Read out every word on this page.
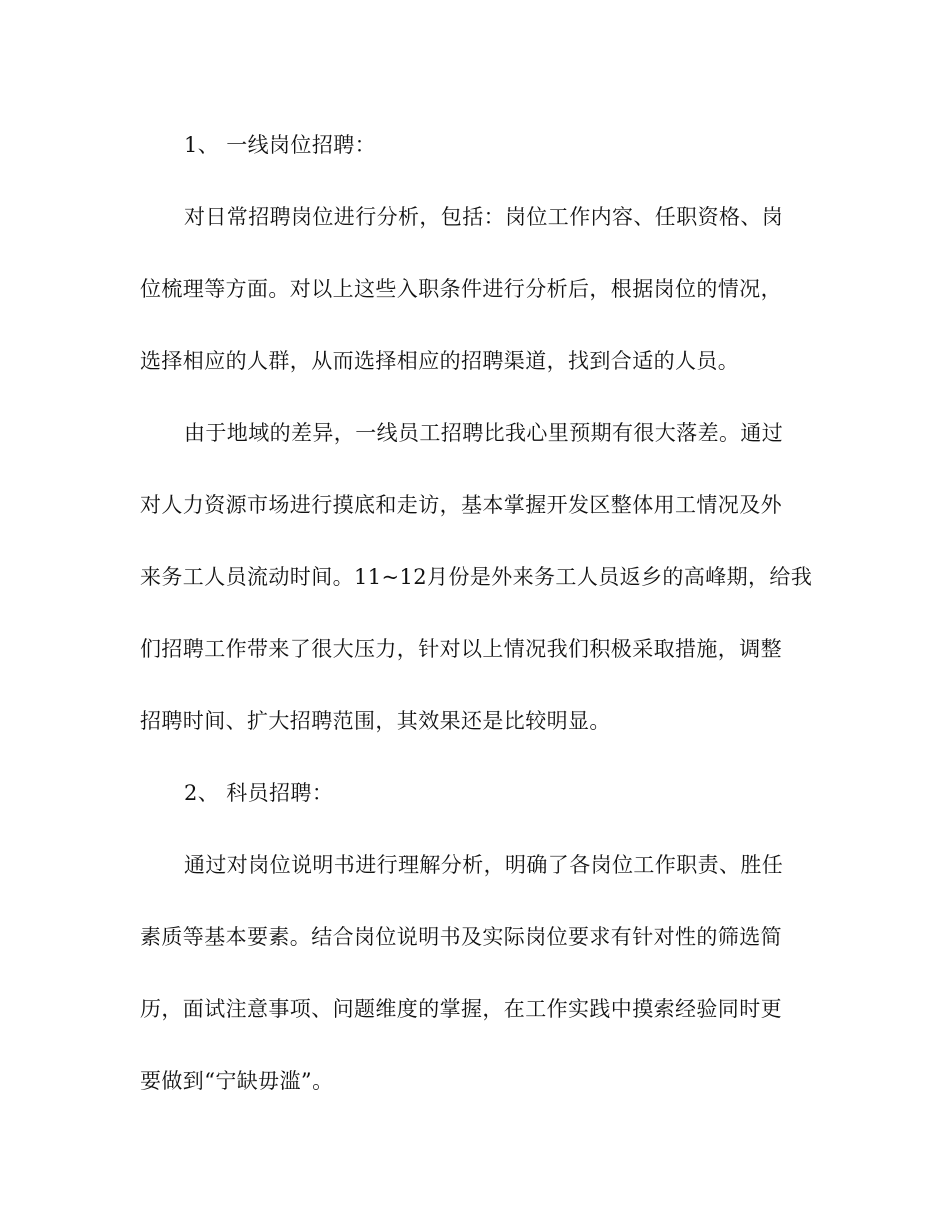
1、 一线岗位招聘：
对日常招聘岗位进行分析，包括：岗位工作内容、任职资格、岗
位梳理等方面。对以上这些入职条件进行分析后，根据岗位的情况，
选择相应的人群，从而选择相应的招聘渠道，找到合适的人员。
由于地域的差异，一线员工招聘比我心里预期有很大落差。通过
对人力资源市场进行摸底和走访，基本掌握开发区整体用工情况及外
来务工人员流动时间。11~12月份是外来务工人员返乡的高峰期，给我
们招聘工作带来了很大压力，针对以上情况我们积极采取措施，调整
招聘时间、扩大招聘范围，其效果还是比较明显。
2、 科员招聘：
通过对岗位说明书进行理解分析，明确了各岗位工作职责、胜任
素质等基本要素。结合岗位说明书及实际岗位要求有针对性的筛选简
历，面试注意事项、问题维度的掌握，在工作实践中摸索经验同时更
要做到“宁缺毋滥”。
